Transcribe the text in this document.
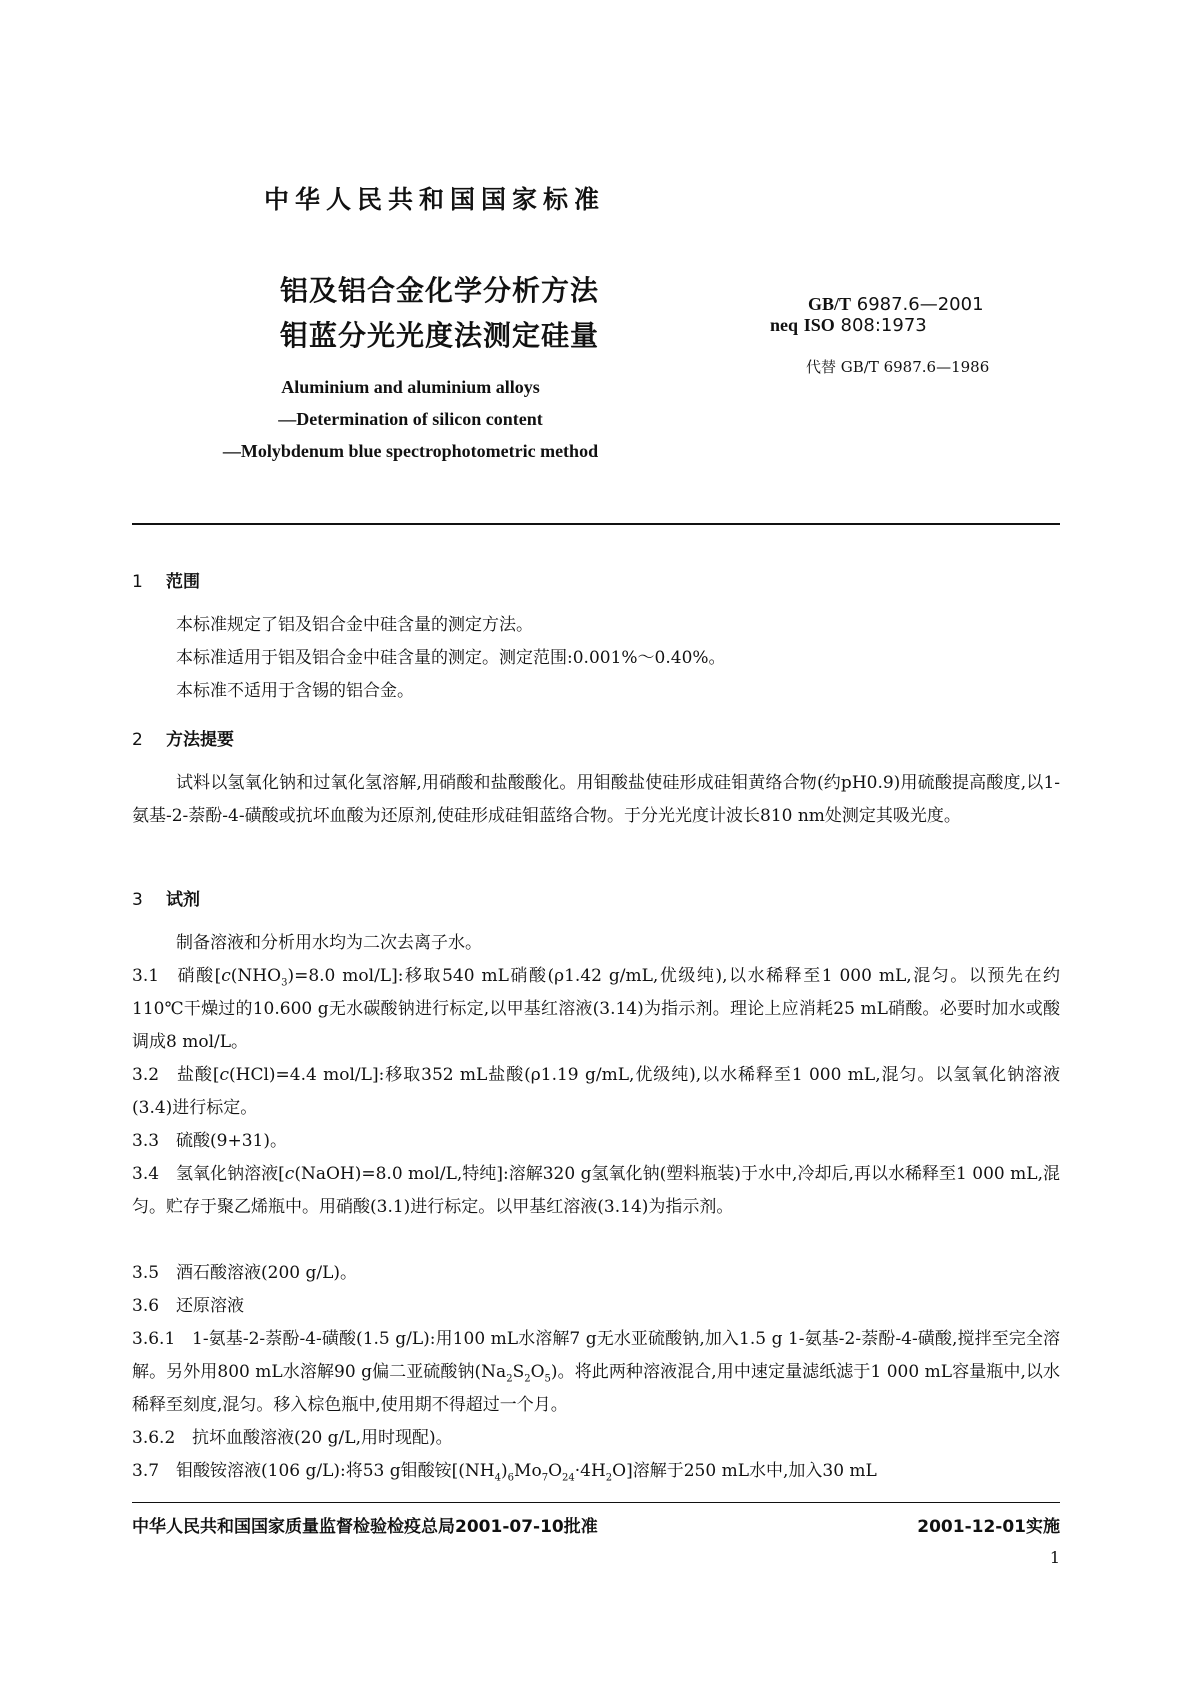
中华人民共和国国家标准
铝及铝合金化学分析方法
钼蓝分光光度法测定硅量
GB/T 6987.6—2001
neq ISO 808:1973
代替 GB/T 6987.6—1986
Aluminium and aluminium alloys
—Determination of silicon content
—Molybdenum blue spectrophotometric method
1 范围
本标准规定了铝及铝合金中硅含量的测定方法。
本标准适用于铝及铝合金中硅含量的测定。测定范围:0.001%～0.40%。
本标准不适用于含锡的铝合金。
2 方法提要
试料以氢氧化钠和过氧化氢溶解,用硝酸和盐酸酸化。用钼酸盐使硅形成硅钼黄络合物(约pH0.9)用硫酸提高酸度,以1-氨基-2-萘酚-4-磺酸或抗坏血酸为还原剂,使硅形成硅钼蓝络合物。于分光光度计波长810 nm处测定其吸光度。
3 试剂
制备溶液和分析用水均为二次去离子水。
3.1 硝酸[$c(NHO_3)=8.0$ mol/L]:移取540 mL硝酸(ρ1.42 g/mL,优级纯),以水稀释至1 000 mL,混匀。以预先在约110℃干燥过的10.600 g无水碳酸钠进行标定,以甲基红溶液(3.14)为指示剂。理论上应消耗25 mL硝酸。必要时加水或酸调成8 mol/L。
3.2 盐酸[c(HCl)=4.4 mol/L]:移取352 mL盐酸(ρ1.19 g/mL,优级纯),以水稀释至1 000 mL,混匀。以氢氧化钠溶液(3.4)进行标定。
3.3 硫酸(9+31)。
3.4 氢氧化钠溶液[c(NaOH)=8.0 mol/L,特纯]:溶解320 g氢氧化钠(塑料瓶装)于水中,冷却后,再以水稀释至1 000 mL,混匀。贮存于聚乙烯瓶中。用硝酸(3.1)进行标定。以甲基红溶液(3.14)为指示剂。
3.5 酒石酸溶液(200 g/L)。
3.6 还原溶液
3.6.1 1-氨基-2-萘酚-4-磺酸(1.5 g/L):用100 mL水溶解7 g无水亚硫酸钠,加入1.5 g 1-氨基-2-萘酚-4-磺酸,搅拌至完全溶解。另外用800 mL水溶解90 g偏二亚硫酸钠$(Na_2S_2O_5)$。将此两种溶液混合,用中速定量滤纸滤于1 000 mL容量瓶中,以水稀释至刻度,混匀。移入棕色瓶中,使用期不得超过一个月。
3.6.2 抗坏血酸溶液(20 g/L,用时现配)。
3.7 钼酸铵溶液(106 g/L):将53 g钼酸铵$[(NH_4)_6Mo_7O_{24}\cdot 4H_2O]$溶解于250 mL水中,加入30 mL
中华人民共和国国家质量监督检验检疫总局2001-07-10批准	2001-12-01实施
1
